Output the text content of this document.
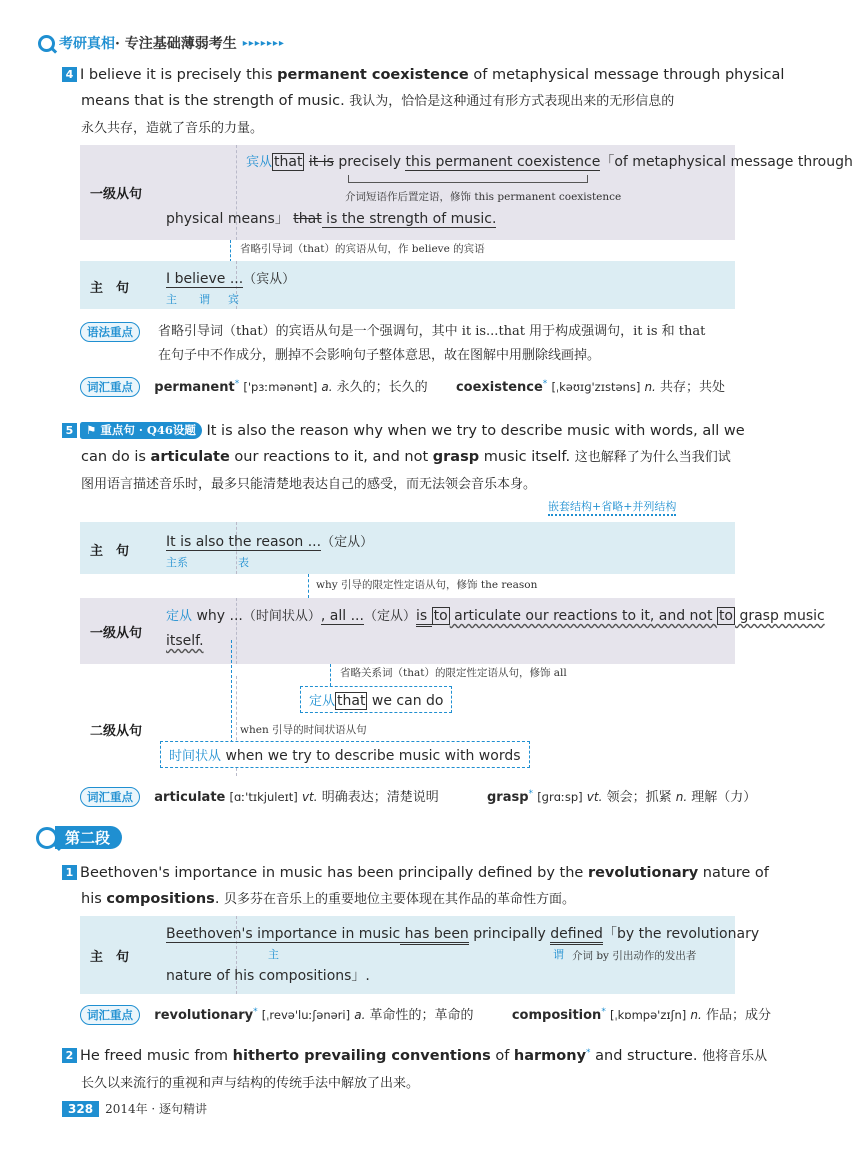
考研真相 · 专注基础薄弱考生 ▸▸▸▸▸▸▸
4 I believe it is precisely this permanent coexistence of metaphysical message through physical
means that is the strength of music. 我认为，恰恰是这种通过有形方式表现出来的无形信息的
永久共存，造就了音乐的力量。
一级从句
宾从 that it is precisely this permanent coexistence「of metaphysical message through
介词短语作后置定语，修饰 this permanent coexistence
physical means」 that is the strength of music.
省略引导词（that）的宾语从句，作 believe 的宾语
主　句
I believe ...（宾从）
主 谓 宾
语法重点	省略引导词（that）的宾语从句是一个强调句，其中 it is...that 用于构成强调句，it is 和 that
在句子中不作成分，删掉不会影响句子整体意思，故在图解中用删除线画掉。
词汇重点 permanent* ['pɜːmənənt] a. 永久的；长久的 coexistence* [ˌkəʊɪɡ'zɪstəns] n. 共存；共处
5 ⚑ 重点句 · Q46设题 It is also the reason why when we try to describe music with words, all we
can do is articulate our reactions to it, and not grasp music itself. 这也解释了为什么当我们试
图用语言描述音乐时，最多只能清楚地表达自己的感受，而无法领会音乐本身。
嵌套结构+省略+并列结构
主　句
It is also the reason ...（定从）
主系	表
why 引导的限定性定语从句，修饰 the reason
一级从句
定从 why ...（时间状从）, all ...（定从）is to articulate our reactions to it, and not to grasp music
itself.
省略关系词（that）的限定性定语从句，修饰 all
定从 that we can do
二级从句	when 引导的时间状语从句
时间状从 when we try to describe music with words
词汇重点 articulate [ɑː'tɪkjuleɪt] vt. 明确表达；清楚说明	grasp* [ɡrɑːsp] vt. 领会；抓紧 n. 理解（力）
第二段
1 Beethoven's importance in music has been principally defined by the revolutionary nature of
his compositions. 贝多芬在音乐上的重要地位主要体现在其作品的革命性方面。
主　句
Beethoven's importance in music has been principally defined「by the revolutionary
主	谓 介词 by 引出动作的发出者
nature of his compositions」.
词汇重点 revolutionary* [ˌrevə'luːʃənəri] a. 革命性的；革命的	composition* [ˌkɒmpə'zɪʃn] n. 作品；成分
2 He freed music from hitherto prevailing conventions of harmony* and structure. 他将音乐从
长久以来流行的重视和声与结构的传统手法中解放了出来。
328	2014年 · 逐句精讲
